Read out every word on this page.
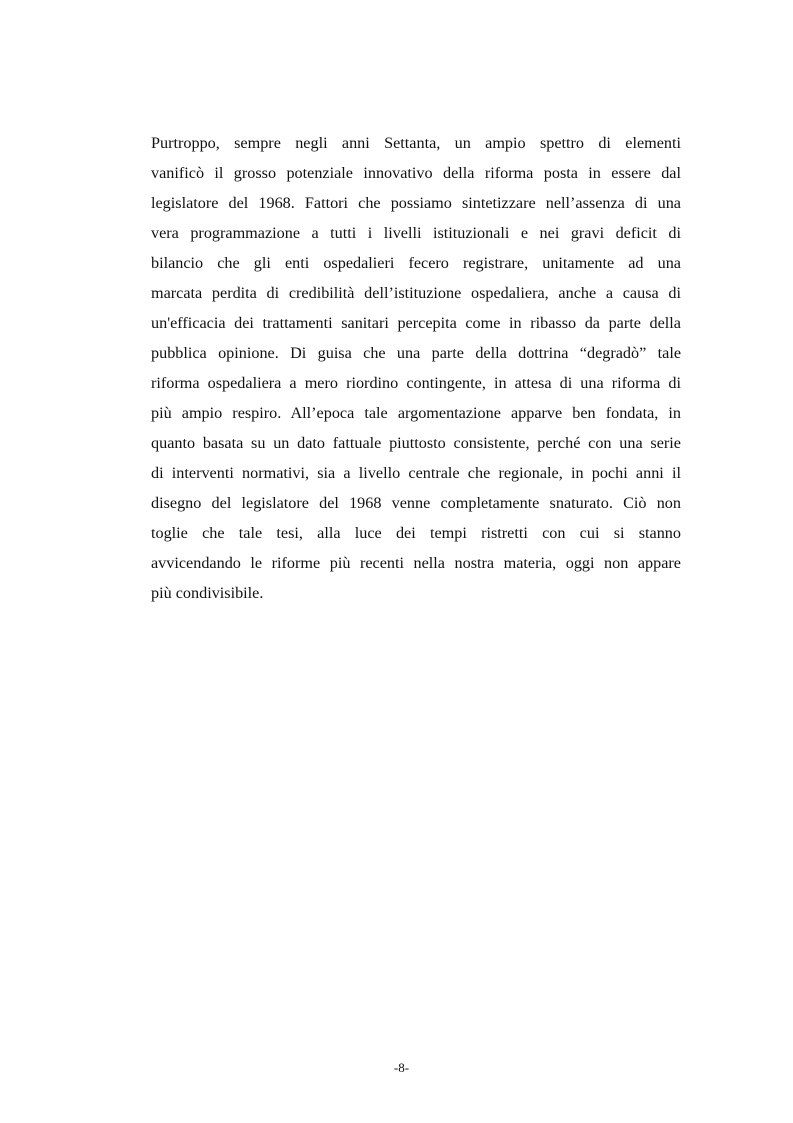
Purtroppo, sempre negli anni Settanta, un ampio spettro di elementi
vanificò il grosso potenziale innovativo della riforma posta in essere dal
legislatore del 1968. Fattori che possiamo sintetizzare nell’assenza di una
vera programmazione a tutti i livelli istituzionali e nei gravi deficit di
bilancio che gli enti ospedalieri fecero registrare, unitamente ad una
marcata perdita di credibilità dell’istituzione ospedaliera, anche a causa di
un'efficacia dei trattamenti sanitari percepita come in ribasso da parte della
pubblica opinione. Di guisa che una parte della dottrina “degradò” tale
riforma ospedaliera a mero riordino contingente, in attesa di una riforma di
più ampio respiro. All’epoca tale argomentazione apparve ben fondata, in
quanto basata su un dato fattuale piuttosto consistente, perché con una serie
di interventi normativi, sia a livello centrale che regionale, in pochi anni il
disegno del legislatore del 1968 venne completamente snaturato. Ciò non
toglie che tale tesi, alla luce dei tempi ristretti con cui si stanno
avvicendando le riforme più recenti nella nostra materia, oggi non appare
più condivisibile.

-8-
